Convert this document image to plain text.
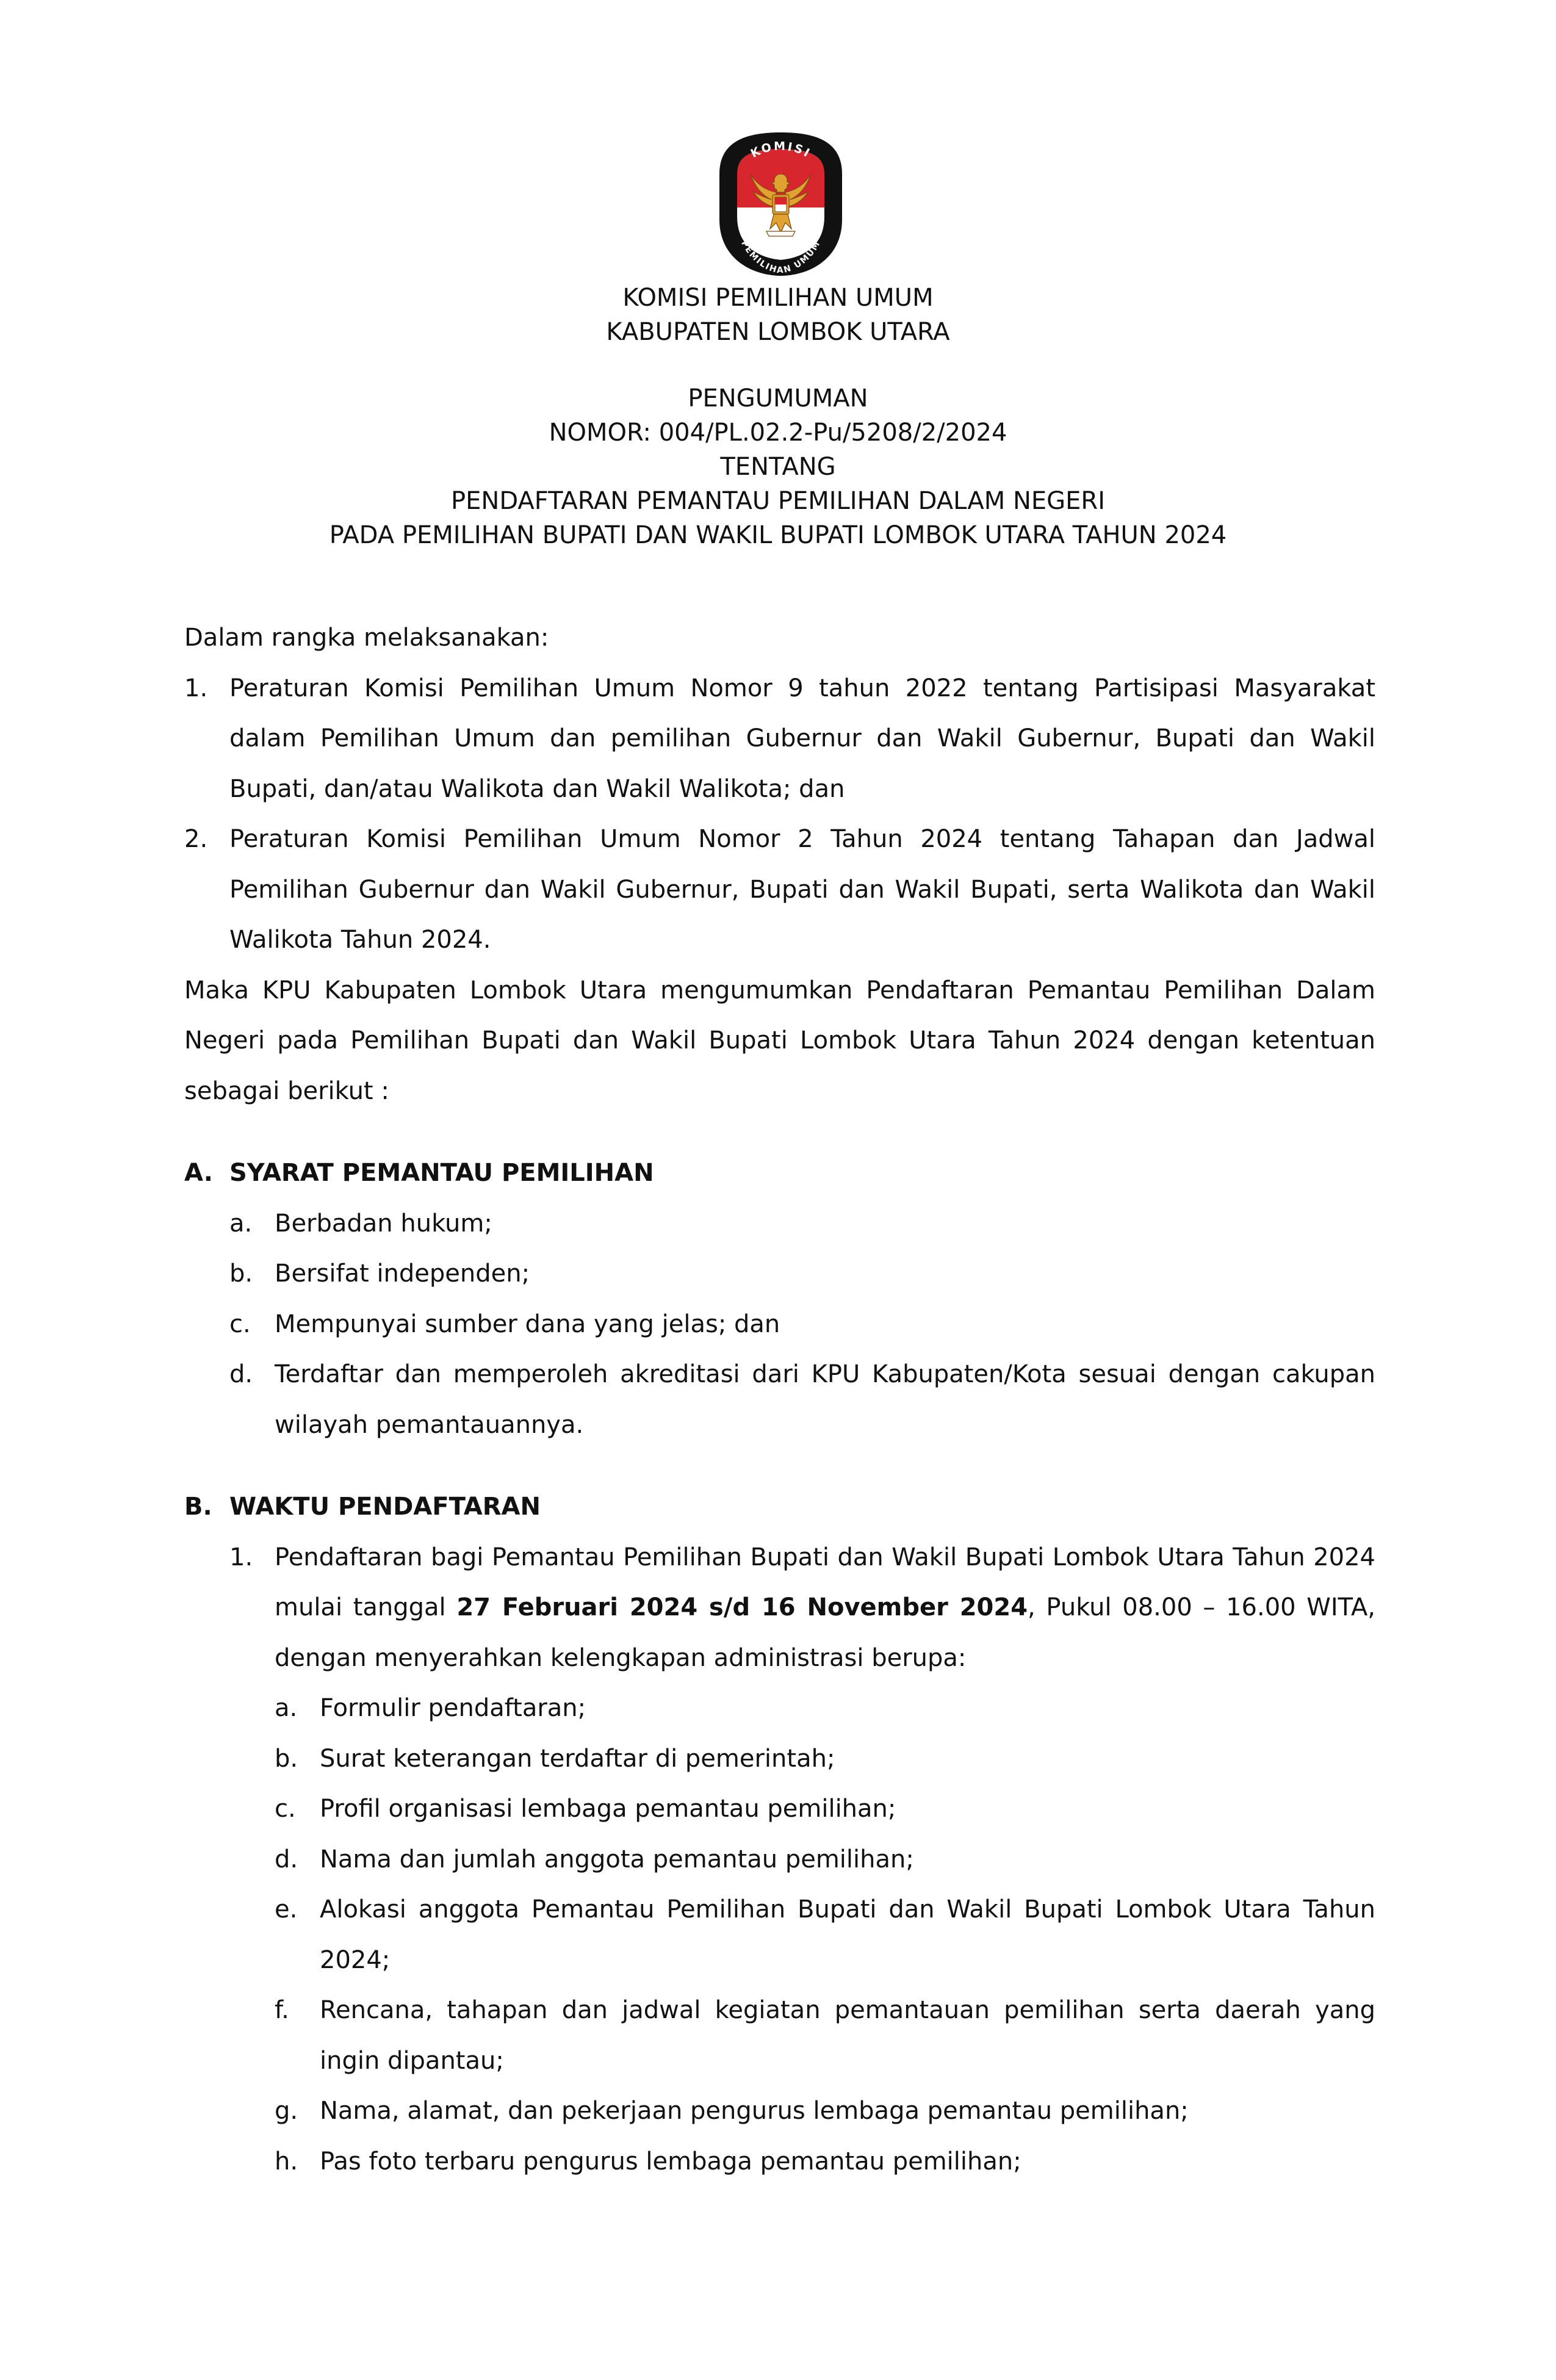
KOMISI
PEMILIHAN UMUM
KOMISI PEMILIHAN UMUM
KABUPATEN LOMBOK UTARA
PENGUMUMAN
NOMOR: 004/PL.02.2-Pu/5208/2/2024
TENTANG
PENDAFTARAN PEMANTAU PEMILIHAN DALAM NEGERI
PADA PEMILIHAN BUPATI DAN WAKIL BUPATI LOMBOK UTARA TAHUN 2024

Dalam rangka melaksanakan:

1. Peraturan Komisi Pemilihan Umum Nomor 9 tahun 2022 tentang Partisipasi Masyarakat dalam Pemilihan Umum dan pemilihan Gubernur dan Wakil Gubernur, Bupati dan Wakil Bupati, dan/atau Walikota dan Wakil Walikota; dan
2. Peraturan Komisi Pemilihan Umum Nomor 2 Tahun 2024 tentang Tahapan dan Jadwal Pemilihan Gubernur dan Wakil Gubernur, Bupati dan Wakil Bupati, serta Walikota dan Wakil Walikota Tahun 2024.

Maka KPU Kabupaten Lombok Utara mengumumkan Pendaftaran Pemantau Pemilihan Dalam Negeri pada Pemilihan Bupati dan Wakil Bupati Lombok Utara Tahun 2024 dengan ketentuan sebagai berikut :

A. SYARAT PEMANTAU PEMILIHAN
a. Berbadan hukum;
b. Bersifat independen;
c. Mempunyai sumber dana yang jelas; dan
d. Terdaftar dan memperoleh akreditasi dari KPU Kabupaten/Kota sesuai dengan cakupan wilayah pemantauannya.
B. WAKTU PENDAFTARAN
1. Pendaftaran bagi Pemantau Pemilihan Bupati dan Wakil Bupati Lombok Utara Tahun 2024 mulai tanggal 27 Februari 2024 s/d 16 November 2024, Pukul 08.00 – 16.00 WITA, dengan menyerahkan kelengkapan administrasi berupa:
a. Formulir pendaftaran;
b. Surat keterangan terdaftar di pemerintah;
c. Profil organisasi lembaga pemantau pemilihan;
d. Nama dan jumlah anggota pemantau pemilihan;
e. Alokasi anggota Pemantau Pemilihan Bupati dan Wakil Bupati Lombok Utara Tahun 2024;
f.	Rencana, tahapan dan jadwal kegiatan pemantauan pemilihan serta daerah yang ingin dipantau;
g. Nama, alamat, dan pekerjaan pengurus lembaga pemantau pemilihan;
h. Pas foto terbaru pengurus lembaga pemantau pemilihan;
